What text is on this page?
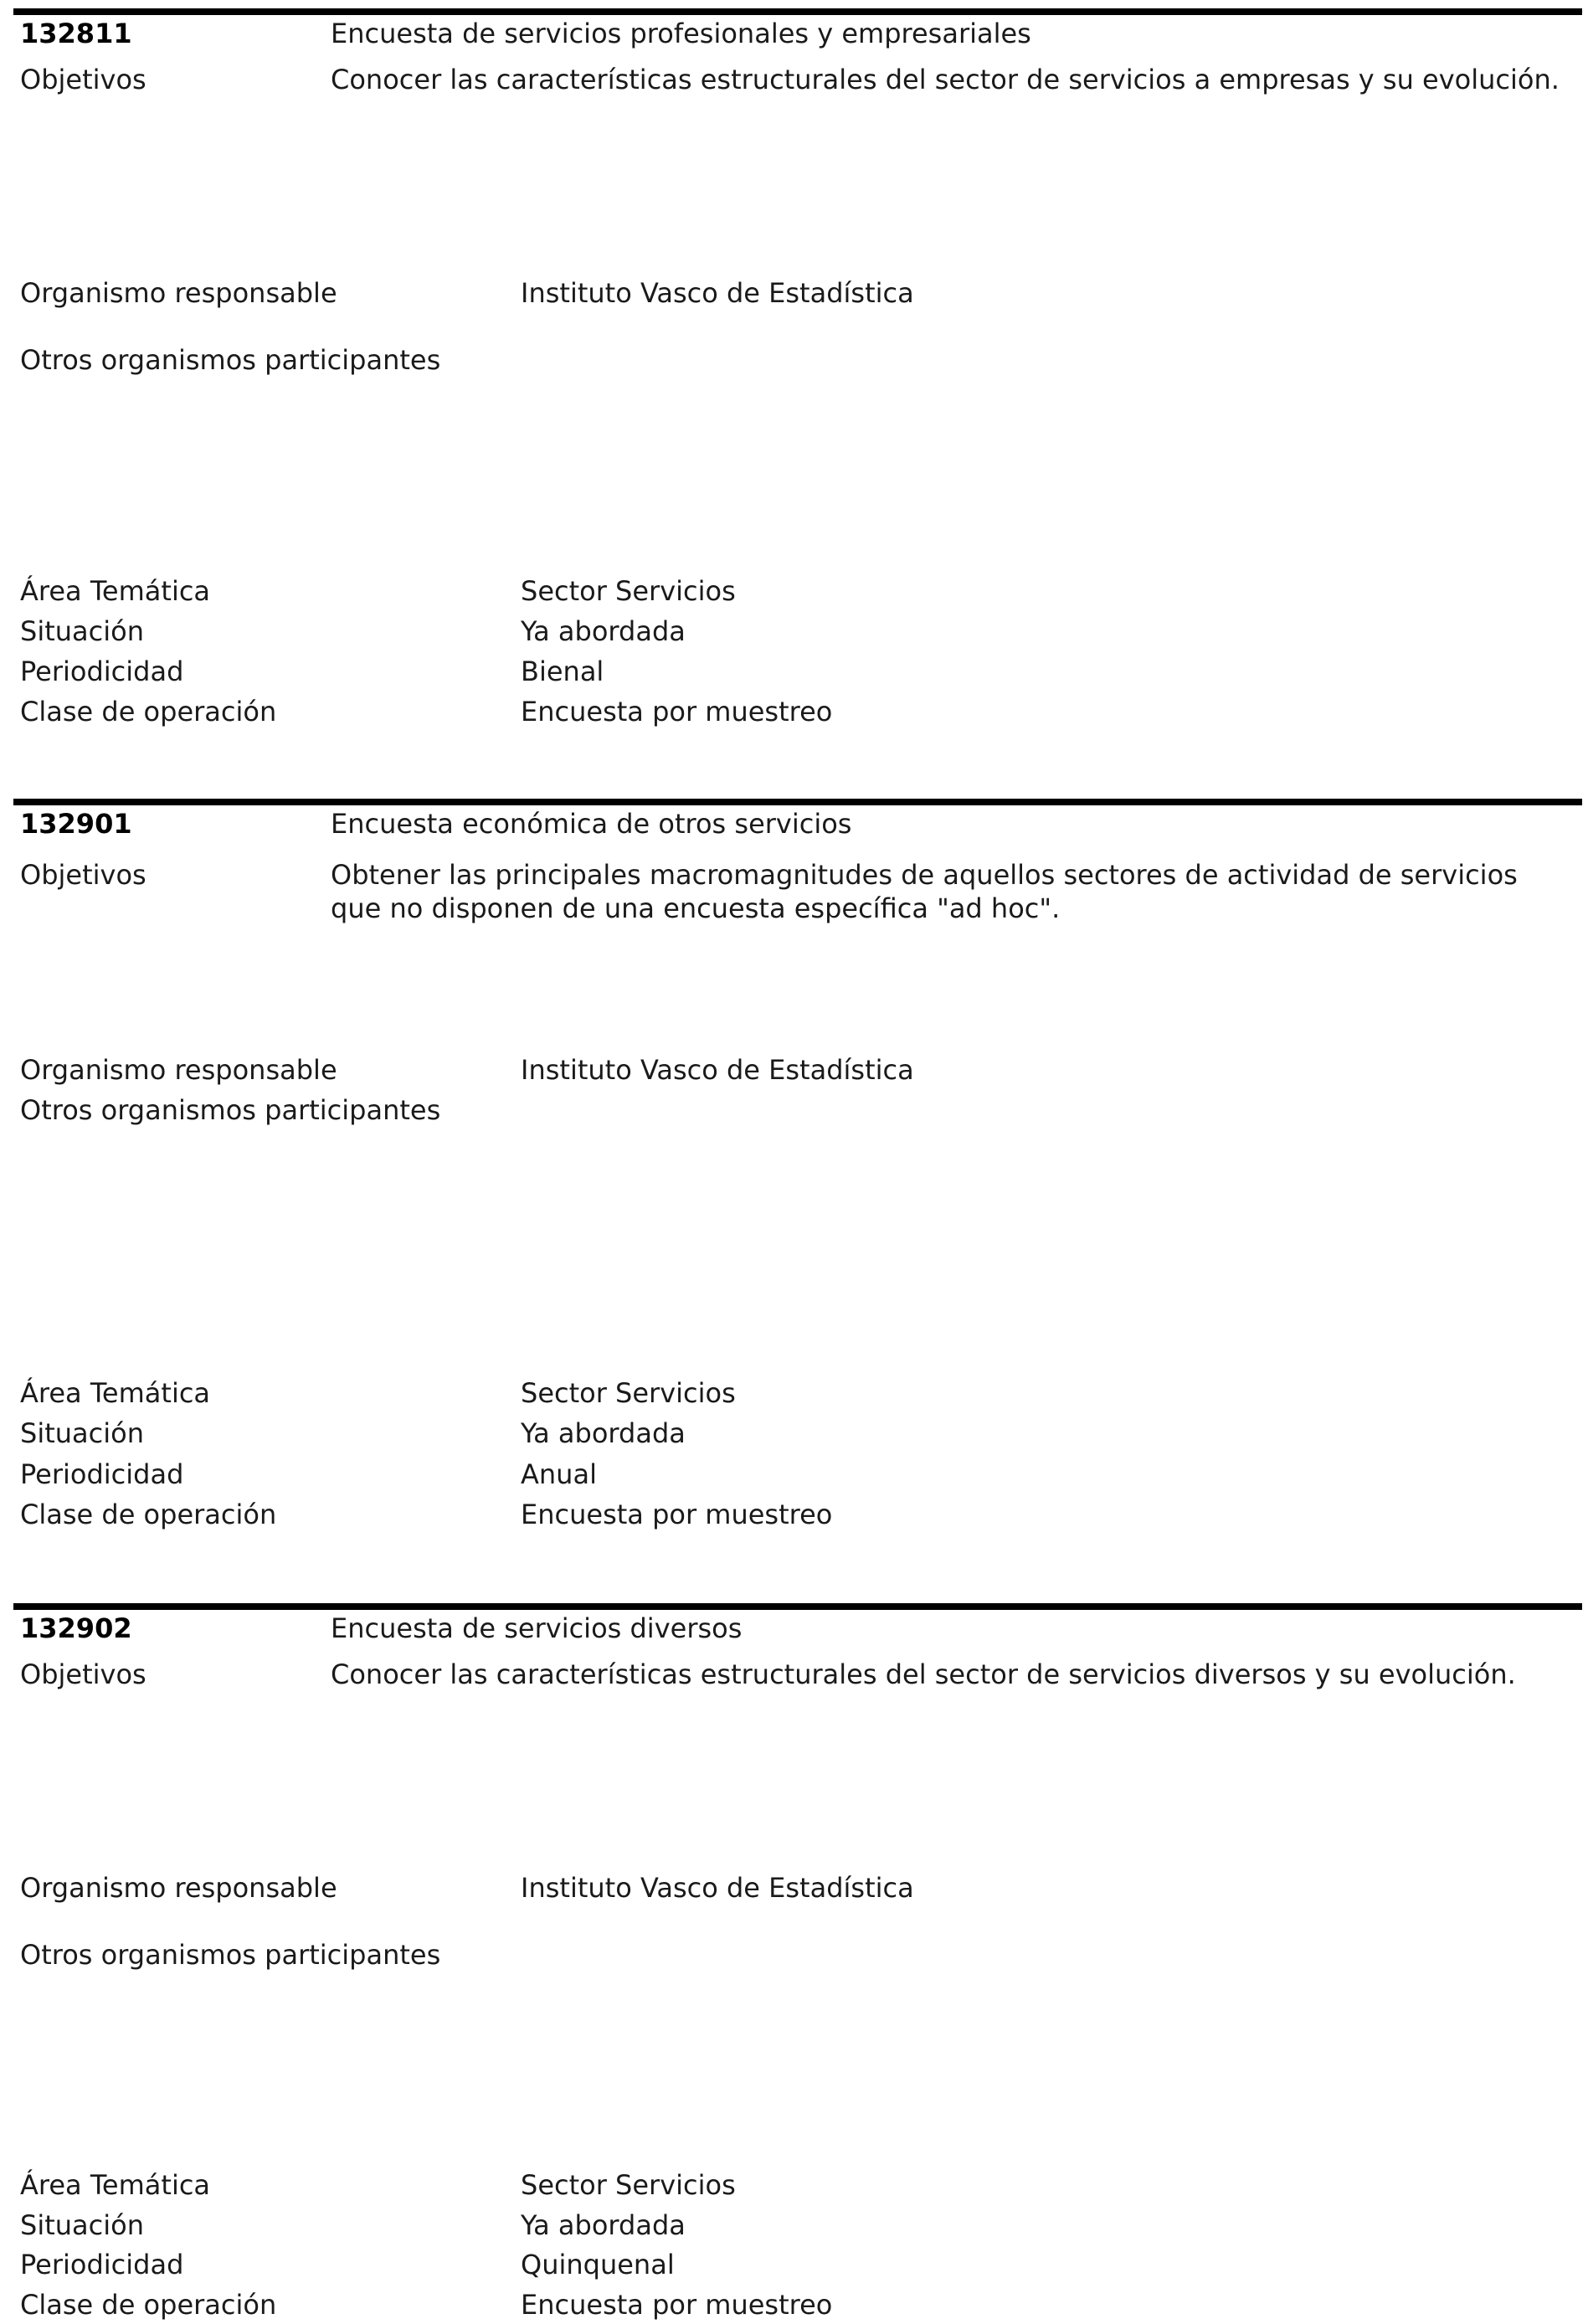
132811	Encuesta de servicios profesionales y empresariales
Objetivos	Conocer las características estructurales del sector de servicios a empresas y su evolución.
Organismo responsable	Instituto Vasco de Estadística
Otros organismos participantes
Área Temática	Sector Servicios
Situación	Ya abordada
Periodicidad	Bienal
Clase de operación	Encuesta por muestreo
132901	Encuesta económica de otros servicios
Objetivos	Obtener las principales macromagnitudes de aquellos sectores de actividad de servicios que no disponen de una encuesta específica "ad hoc".
Organismo responsable	Instituto Vasco de Estadística
Otros organismos participantes
Área Temática	Sector Servicios
Situación	Ya abordada
Periodicidad	Anual
Clase de operación	Encuesta por muestreo
132902	Encuesta de servicios diversos
Objetivos	Conocer las características estructurales del sector de servicios diversos y su evolución.
Organismo responsable	Instituto Vasco de Estadística
Otros organismos participantes
Área Temática	Sector Servicios
Situación	Ya abordada
Periodicidad	Quinquenal
Clase de operación	Encuesta por muestreo
